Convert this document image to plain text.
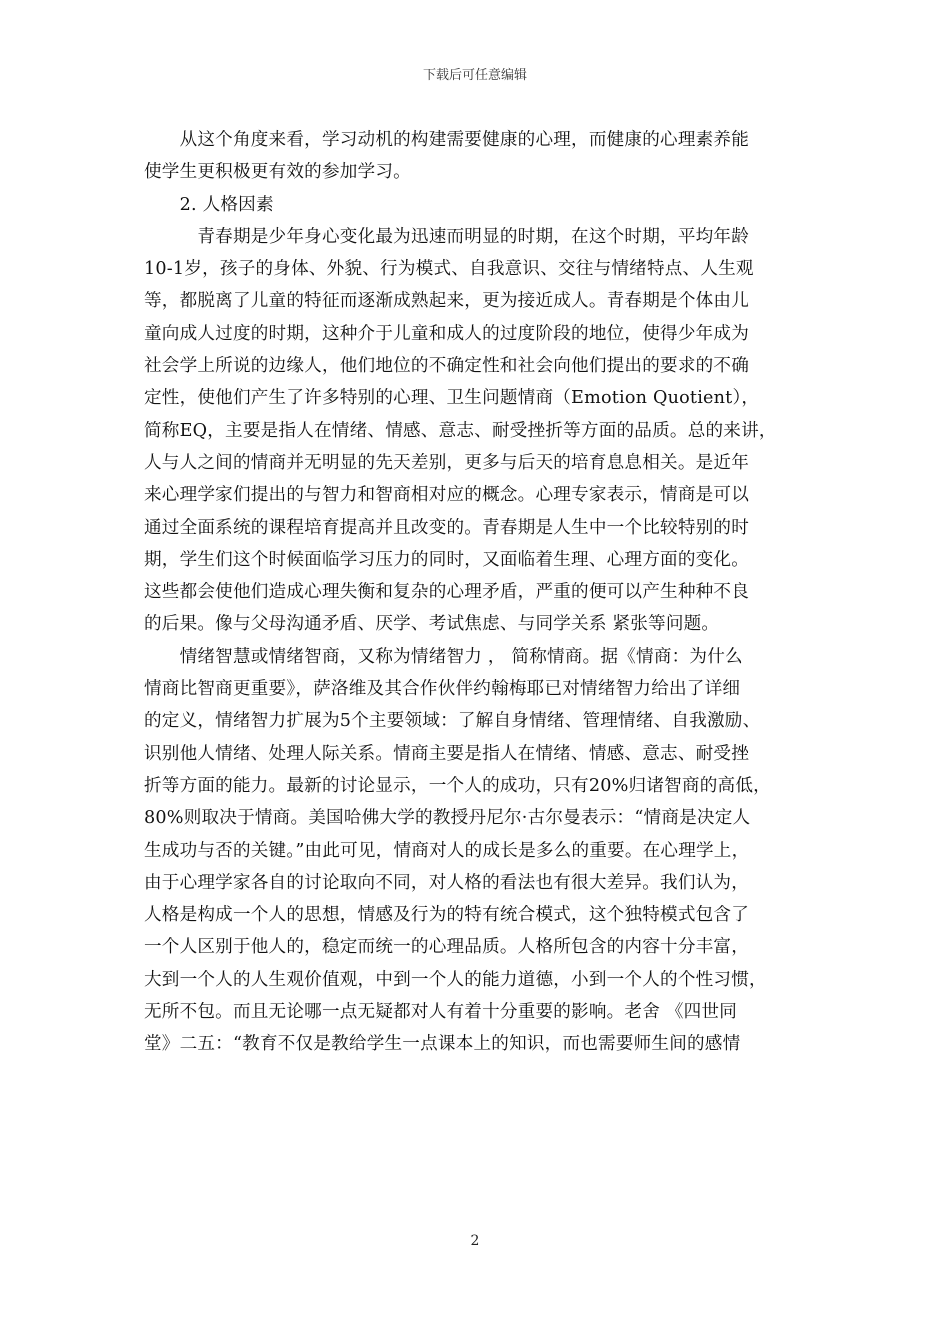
下载后可任意编辑
　　从这个角度来看，学习动机的构建需要健康的心理，而健康的心理素养能
使学生更积极更有效的参加学习。
　　2. 人格因素
　　　青春期是少年身心变化最为迅速而明显的时期，在这个时期，平均年龄
10-1岁，孩子的身体、外貌、行为模式、自我意识、交往与情绪特点、人生观
等，都脱离了儿童的特征而逐渐成熟起来，更为接近成人。青春期是个体由儿
童向成人过度的时期，这种介于儿童和成人的过度阶段的地位，使得少年成为
社会学上所说的边缘人，他们地位的不确定性和社会向他们提出的要求的不确
定性，使他们产生了许多特别的心理、卫生问题情商（Emotion Quotient），
简称EQ，主要是指人在情绪、情感、意志、耐受挫折等方面的品质。总的来讲，
人与人之间的情商并无明显的先天差别，更多与后天的培育息息相关。是近年
来心理学家们提出的与智力和智商相对应的概念。心理专家表示，情商是可以
通过全面系统的课程培育提高并且改变的。青春期是人生中一个比较特别的时
期，学生们这个时候面临学习压力的同时，又面临着生理、心理方面的变化。
这些都会使他们造成心理失衡和复杂的心理矛盾，严重的便可以产生种种不良
的后果。像与父母沟通矛盾、厌学、考试焦虑、与同学关系 紧张等问题。
　　情绪智慧或情绪智商，又称为情绪智力 ， 简称情商。据《情商：为什么
情商比智商更重要》，萨洛维及其合作伙伴约翰梅耶已对情绪智力给出了详细
的定义，情绪智力扩展为5个主要领域：了解自身情绪、管理情绪、自我激励、
识别他人情绪、处理人际关系。情商主要是指人在情绪、情感、意志、耐受挫
折等方面的能力。最新的讨论显示，一个人的成功，只有20%归诸智商的高低，
80%则取决于情商。美国哈佛大学的教授丹尼尔·古尔曼表示：“情商是决定人
生成功与否的关键。”由此可见，情商对人的成长是多么的重要。在心理学上，
由于心理学家各自的讨论取向不同，对人格的看法也有很大差异。我们认为，
人格是构成一个人的思想，情感及行为的特有统合模式，这个独特模式包含了
一个人区别于他人的，稳定而统一的心理品质。人格所包含的内容十分丰富，
大到一个人的人生观价值观，中到一个人的能力道德，小到一个人的个性习惯，
无所不包。而且无论哪一点无疑都对人有着十分重要的影响。老舍 《四世同
堂》二五：“教育不仅是教给学生一点课本上的知识，而也需要师生间的感情
2
